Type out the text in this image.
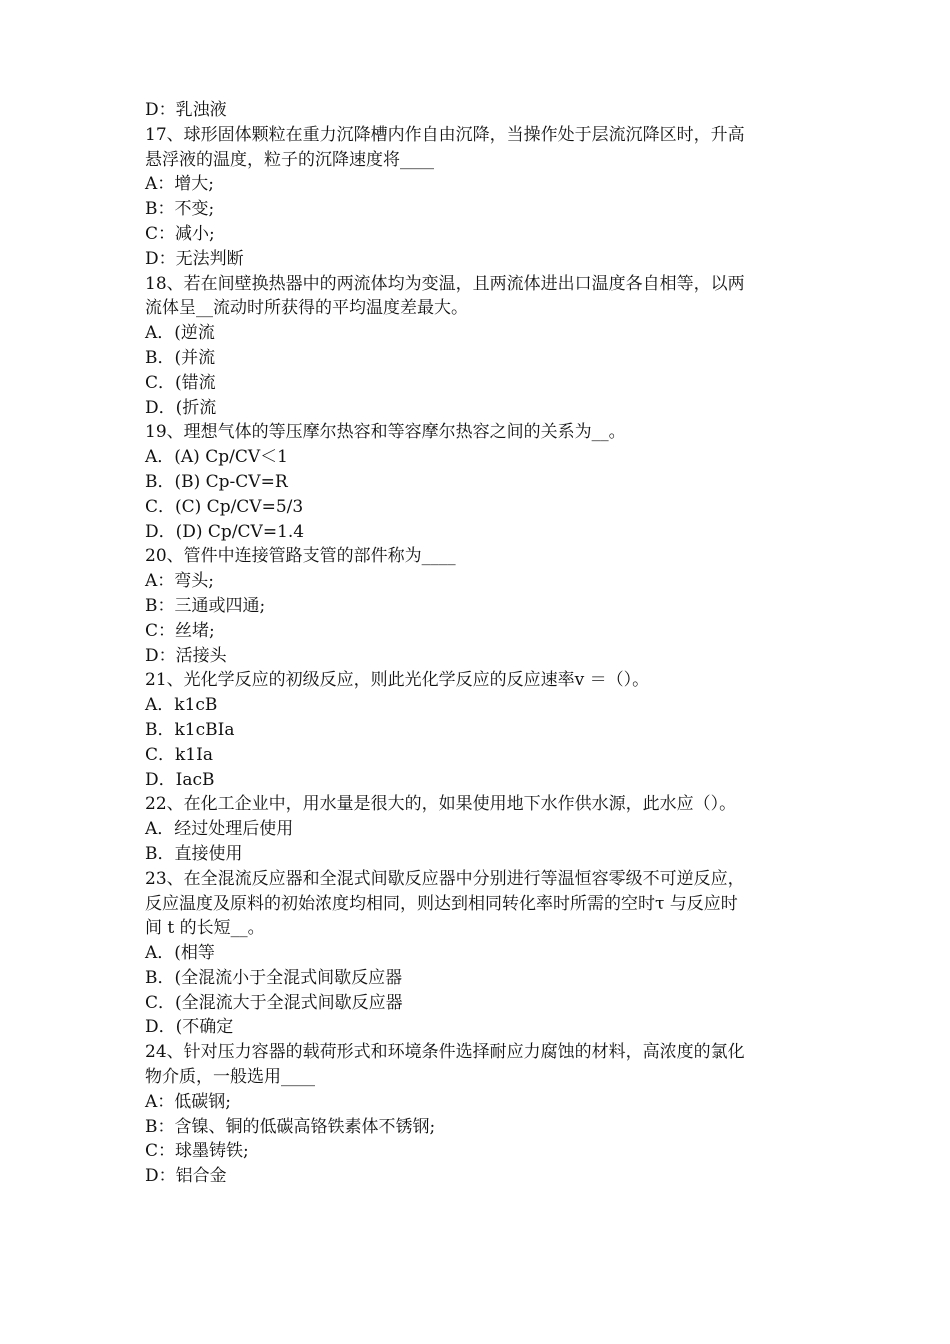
D：乳浊液
17、球形固体颗粒在重力沉降槽内作自由沉降，当操作处于层流沉降区时，升高
悬浮液的温度，粒子的沉降速度将____
A：增大;
B：不变;
C：减小;
D：无法判断
18、若在间壁换热器中的两流体均为变温，且两流体进出口温度各自相等，以两
流体呈__流动时所获得的平均温度差最大。
A．(逆流
B．(并流
C．(错流
D．(折流
19、理想气体的等压摩尔热容和等容摩尔热容之间的关系为__。
A．(A) Cp/CV＜1
B．(B) Cp-CV=R
C．(C) Cp/CV=5/3
D．(D) Cp/CV=1.4
20、管件中连接管路支管的部件称为____
A：弯头;
B：三通或四通;
C：丝堵;
D：活接头
21、光化学反应的初级反应，则此光化学反应的反应速率v ＝（）。
A．k1cB
B．k1cBIa
C．k1Ia
D．IacB
22、在化工企业中，用水量是很大的，如果使用地下水作供水源，此水应（）。
A．经过处理后使用
B．直接使用
23、在全混流反应器和全混式间歇反应器中分别进行等温恒容零级不可逆反应，
反应温度及原料的初始浓度均相同，则达到相同转化率时所需的空时τ 与反应时
间 t 的长短__。
A．(相等
B．(全混流小于全混式间歇反应器
C．(全混流大于全混式间歇反应器
D．(不确定
24、针对压力容器的载荷形式和环境条件选择耐应力腐蚀的材料，高浓度的氯化
物介质，一般选用____
A：低碳钢;
B：含镍、铜的低碳高铬铁素体不锈钢;
C：球墨铸铁;
D：铝合金
